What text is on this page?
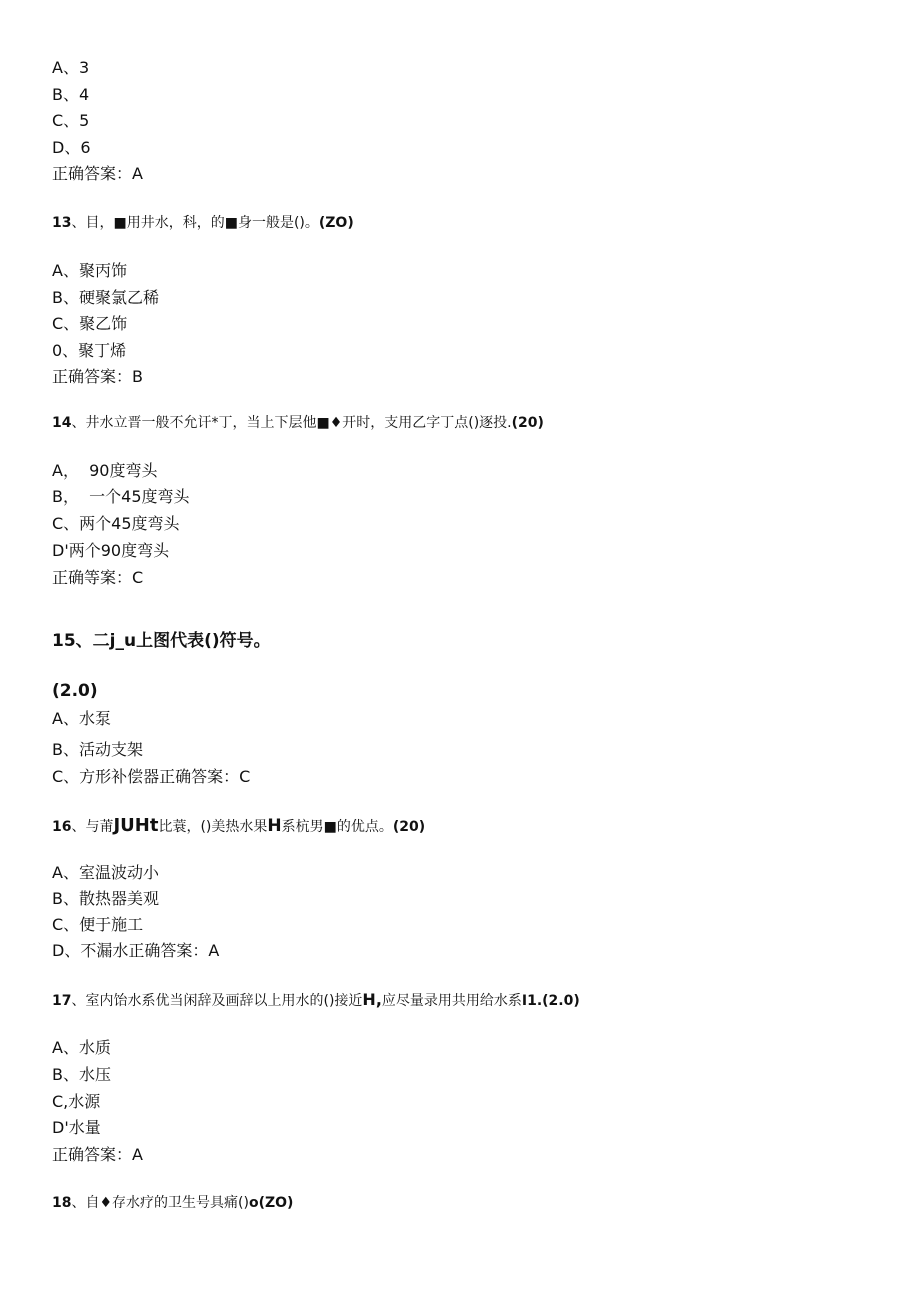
A、3
B、4
C、5
D、6
正确答案：A
13、目，■用井水，科，的■身一般是()。(ZO)
A、聚丙饰
B、硬聚氯乙稀
C、聚乙饰
0、聚丁烯
正确答案：B
14、井水立晋一般不允讦*丁，当上下层他■♦开时，支用乙字丁点()逐投.(20)
A，  90度弯头
B，  一个45度弯头
C、两个45度弯头
D'两个90度弯头
正确等案：C
15、二j_u上图代表()符号。
(2.0)
A、水泵
B、活动支架
C、方形补偿器正确答案：C
16、与莆JUHt比蓑，()美热水果H系杭男■的优点。(20)
A、室温波动小
B、散热器美观
C、便于施工
D、不漏水正确答案：A
17、室内饴水系优当闲辞及画辞以上用水的()接近H,应尽量录用共用给水系I1.(2.0)
A、水质
B、水压
C,水源
D'水量
正确答案：A
18、自♦存水疗的卫生号具痛()o(ZO)
